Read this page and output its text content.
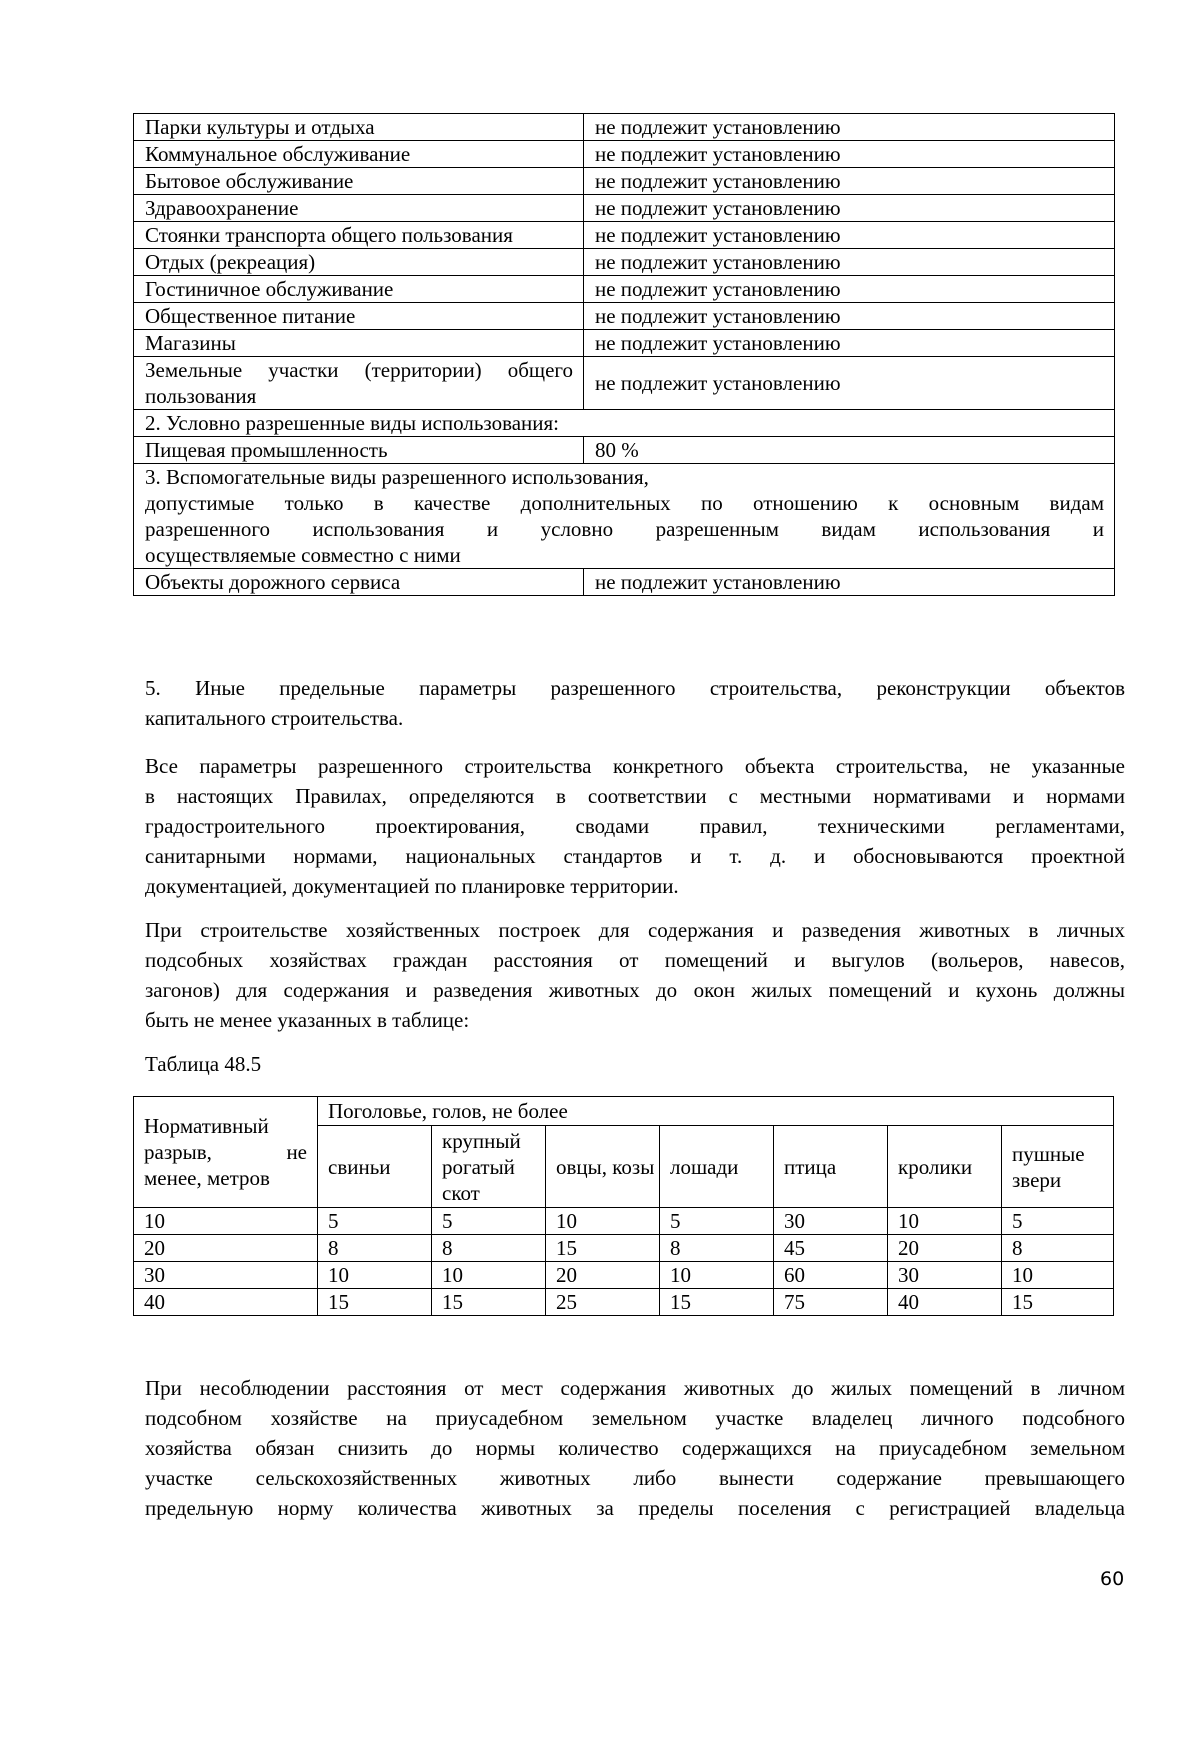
Парки культуры и отдыха	не подлежит установлению
Коммунальное обслуживание	не подлежит установлению
Бытовое обслуживание	не подлежит установлению
Здравоохранение	не подлежит установлению
Стоянки транспорта общего пользования	не подлежит установлению
Отдых (рекреация)	не подлежит установлению
Гостиничное обслуживание	не подлежит установлению
Общественное питание	не подлежит установлению
Магазины	не подлежит установлению

Земельные участки (территории) общего
пользования	не подлежит установлению
2. Условно разрешенные виды использования:	
Пищевая промышленность	80 %

3. Вспомогательные виды разрешенного использования,
допустимые только в качестве дополнительных по отношению к основным видам
разрешенного использования и условно разрешенным видам использования и
осуществляемые совместно с ними	

Объекты дорожного сервиса	не подлежит установлению
5. Иные предельные параметры разрешенного строительства, реконструкции объектов
капитального строительства.
Все параметры разрешенного строительства конкретного объекта строительства, не указанные
в настоящих Правилах, определяются в соответствии с местными нормативами и нормами
градостроительного проектирования, сводами правил, техническими регламентами,
санитарными нормами, национальных стандартов и т. д. и обосновываются проектной
документацией, документацией по планировке территории.
При строительстве хозяйственных построек для содержания и разведения животных в личных
подсобных хозяйствах граждан расстояния от помещений и выгулов (вольеров, навесов,
загонов) для содержания и разведения животных до окон жилых помещений и кухонь должны
быть не менее указанных в таблице:
Таблица 48.5
Нормативный
разрыв, не
менее, метров	Поголовье, голов, не более						
	свиньи	крупный рогатый скот	овцы, козы	лошади	птица	кролики	пушные звери
10	5	5	10	5	30	10	5
20	8	8	15	8	45	20	8
30	10	10	20	10	60	30	10
40	15	15	25	15	75	40	15
При несоблюдении расстояния от мест содержания животных до жилых помещений в личном
подсобном хозяйстве на приусадебном земельном участке владелец личного подсобного
хозяйства обязан снизить до нормы количество содержащихся на приусадебном земельном
участке сельскохозяйственных животных либо вынести содержание превышающего
предельную норму количества животных за пределы поселения с регистрацией владельца
60
